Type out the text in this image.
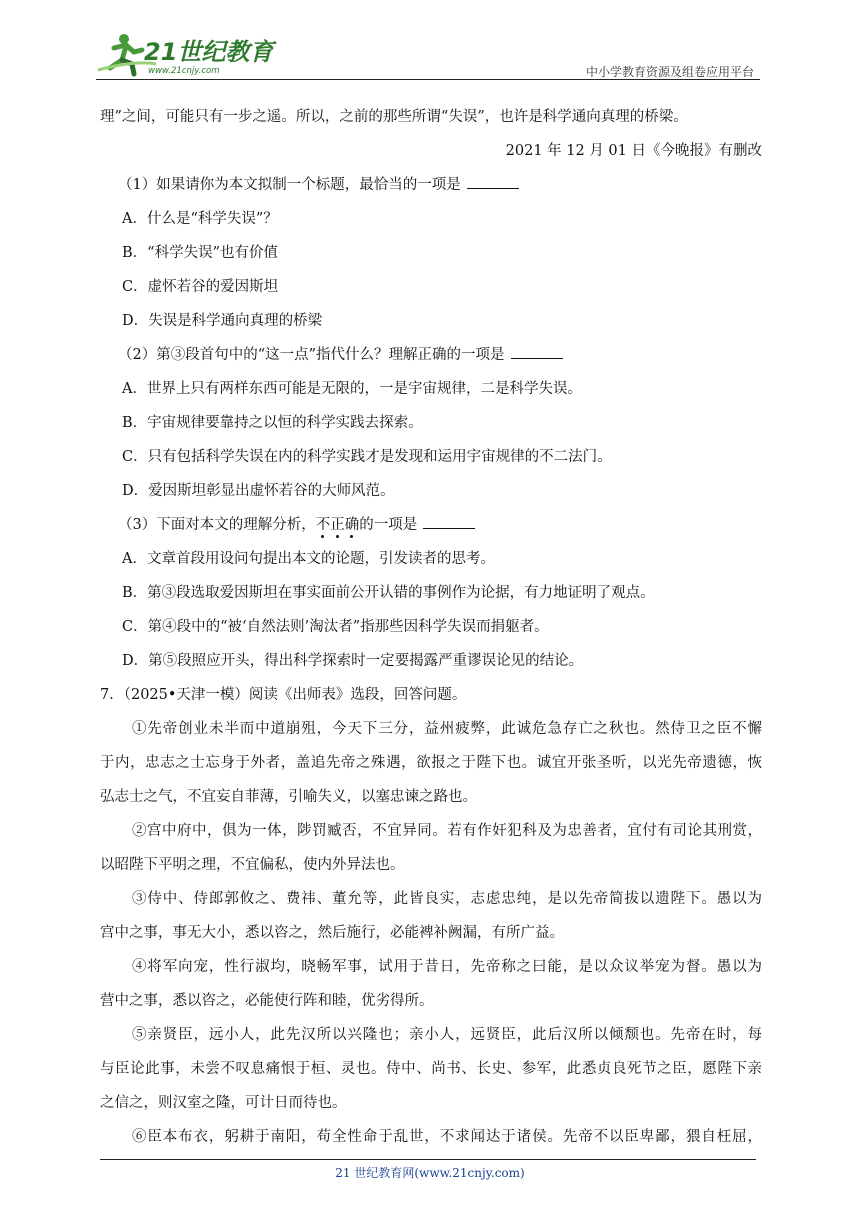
21世纪教育
www.21cnjy.com	中小学教育资源及组卷应用平台
理”之间，可能只有一步之遥。所以，之前的那些所谓“失误”，也许是科学通向真理的桥梁。
2021 年 12 月 01 日《今晚报》有删改
（1）如果请你为本文拟制一个标题，最恰当的一项是
A．什么是“科学失误”？
B．“科学失误”也有价值
C．虚怀若谷的爱因斯坦
D．失误是科学通向真理的桥梁
（2）第③段首句中的“这一点”指代什么？理解正确的一项是
A．世界上只有两样东西可能是无限的，一是宇宙规律，二是科学失误。
B．宇宙规律要靠持之以恒的科学实践去探索。
C．只有包括科学失误在内的科学实践才是发现和运用宇宙规律的不二法门。
D．爱因斯坦彰显出虚怀若谷的大师风范。
（3）下面对本文的理解分析，不正确的一项是
A．文章首段用设问句提出本文的论题，引发读者的思考。
B．第③段选取爱因斯坦在事实面前公开认错的事例作为论据，有力地证明了观点。
C．第④段中的“被‘自然法则’淘汰者”指那些因科学失误而捐躯者。
D．第⑤段照应开头，得出科学探索时一定要揭露严重谬误论见的结论。
7．（2025•天津一模）阅读《出师表》选段，回答问题。
①先帝创业未半而中道崩殂，今天下三分，益州疲弊，此诚危急存亡之秋也。然侍卫之臣不懈
于内，忠志之士忘身于外者，盖追先帝之殊遇，欲报之于陛下也。诚宜开张圣听，以光先帝遗德，恢
弘志士之气，不宜妄自菲薄，引喻失义，以塞忠谏之路也。
②宫中府中，俱为一体，陟罚臧否，不宜异同。若有作奸犯科及为忠善者，宜付有司论其刑赏，
以昭陛下平明之理，不宜偏私，使内外异法也。
③侍中、侍郎郭攸之、费祎、董允等，此皆良实，志虑忠纯，是以先帝简拔以遗陛下。愚以为
宫中之事，事无大小，悉以咨之，然后施行，必能裨补阙漏，有所广益。
④将军向宠，性行淑均，晓畅军事，试用于昔日，先帝称之曰能，是以众议举宠为督。愚以为
营中之事，悉以咨之，必能使行阵和睦，优劣得所。
⑤亲贤臣，远小人，此先汉所以兴隆也；亲小人，远贤臣，此后汉所以倾颓也。先帝在时，每
与臣论此事，未尝不叹息痛恨于桓、灵也。侍中、尚书、长史、参军，此悉贞良死节之臣，愿陛下亲
之信之，则汉室之隆，可计日而待也。
⑥臣本布衣，躬耕于南阳，苟全性命于乱世，不求闻达于诸侯。先帝不以臣卑鄙，猥自枉屈，
21 世纪教育网(www.21cnjy.com)
